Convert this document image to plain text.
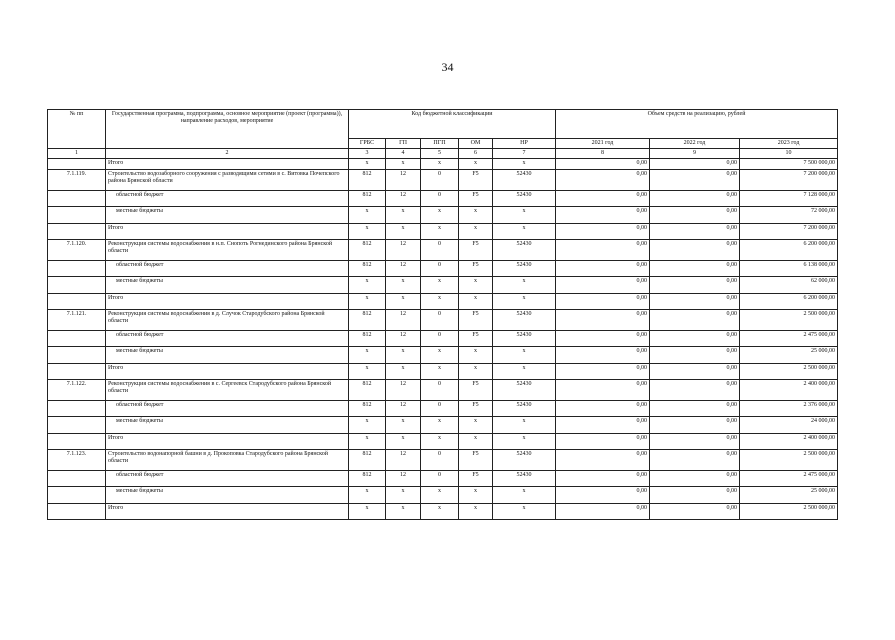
34
№ пп	Государственная программа, подпрограмма, основное мероприятие (проект (программа)), направление расходов, мероприятие	Код бюджетной классификации					Объем средств на реализацию, рублей		
		ГРБС	ГП	ПГП	ОМ	НР	2021 год	2022 год	2023 год
1	2	3	4	5	6	7	8	9	10
	Итого	x	x	x	x	x	0,00	0,00	7 500 000,00
7.1.119.	Строительство водозаборного сооружения с разводящими сетями в с. Витовка Почепского района Брянской области	812	12	0	F5	52430	0,00	0,00	7 200 000,00
	областной бюджет	812	12	0	F5	52430	0,00	0,00	7 128 000,00
	местные бюджеты	x	x	x	x	x	0,00	0,00	72 000,00
	Итого	x	x	x	x	x	0,00	0,00	7 200 000,00
7.1.120.	Реконструкция системы водоснабжения в н.п. Снопоть Рогнединского района Брянской области	812	12	0	F5	52430	0,00	0,00	6 200 000,00
	областной бюджет	812	12	0	F5	52430	0,00	0,00	6 138 000,00
	местные бюджеты	x	x	x	x	x	0,00	0,00	62 000,00
	Итого	x	x	x	x	x	0,00	0,00	6 200 000,00
7.1.121.	Реконструкция системы водоснабжения в д. Случок Стародубского района Брянской области	812	12	0	F5	52430	0,00	0,00	2 500 000,00
	областной бюджет	812	12	0	F5	52430	0,00	0,00	2 475 000,00
	местные бюджеты	x	x	x	x	x	0,00	0,00	25 000,00
	Итого	x	x	x	x	x	0,00	0,00	2 500 000,00
7.1.122.	Реконструкция системы водоснабжения в с. Сергеевск Стародубского района Брянской области	812	12	0	F5	52430	0,00	0,00	2 400 000,00
	областной бюджет	812	12	0	F5	52430	0,00	0,00	2 376 000,00
	местные бюджеты	x	x	x	x	x	0,00	0,00	24 000,00
	Итого	x	x	x	x	x	0,00	0,00	2 400 000,00
7.1.123.	Строительство водонапорной башни в д. Прокоповка Стародубского района Брянской области	812	12	0	F5	52430	0,00	0,00	2 500 000,00
	областной бюджет	812	12	0	F5	52430	0,00	0,00	2 475 000,00
	местные бюджеты	x	x	x	x	x	0,00	0,00	25 000,00
	Итого	x	x	x	x	x	0,00	0,00	2 500 000,00
